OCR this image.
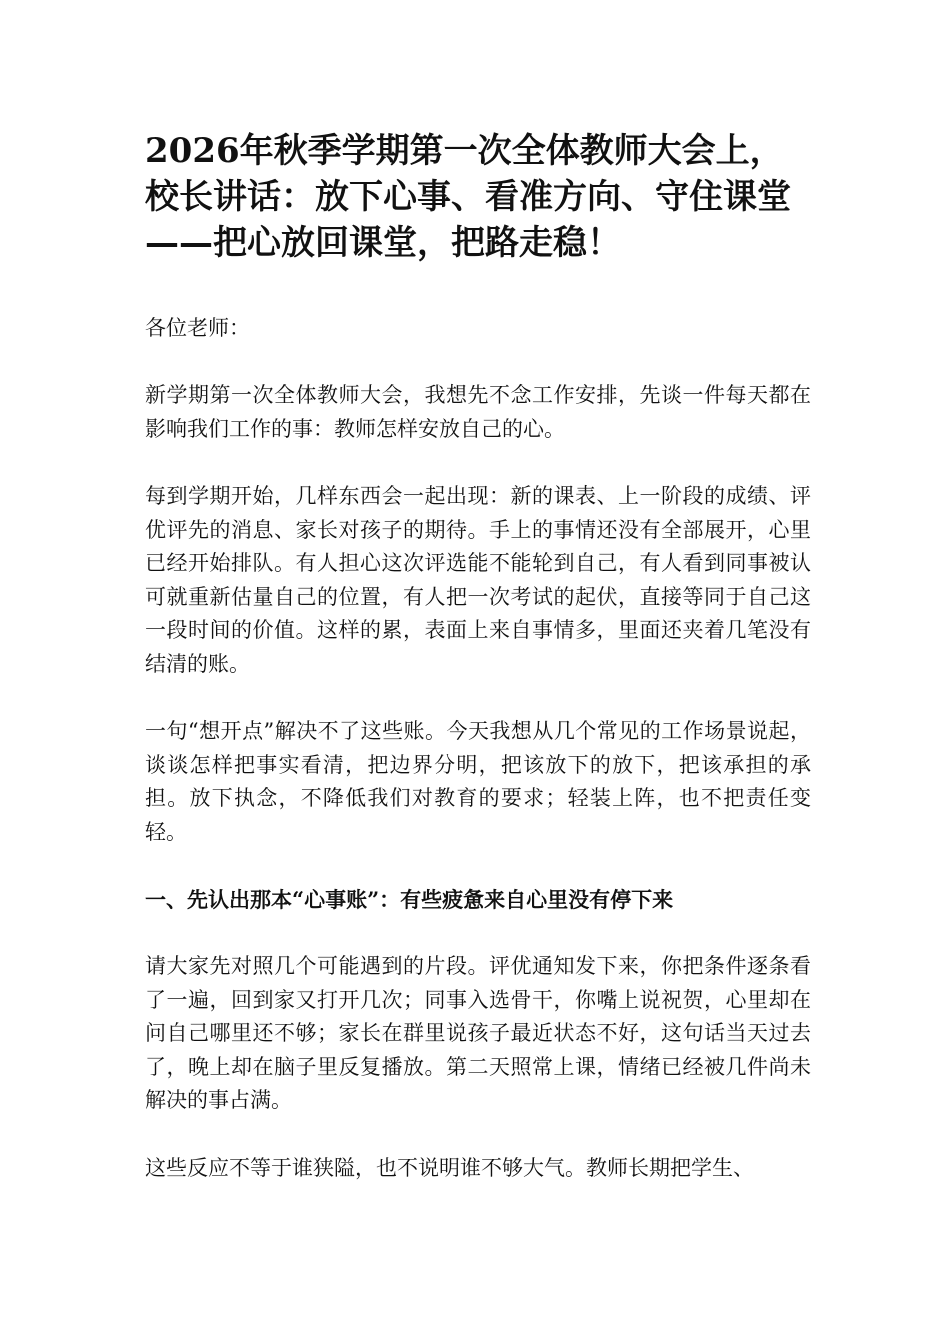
2026年秋季学期第一次全体教师大会上，校长讲话：放下心事、看准方向、守住课堂——把心放回课堂，把路走稳！

各位老师：

新学期第一次全体教师大会，我想先不念工作安排，先谈一件每天都在影响我们工作的事：教师怎样安放自己的心。

每到学期开始，几样东西会一起出现：新的课表、上一阶段的成绩、评优评先的消息、家长对孩子的期待。手上的事情还没有全部展开，心里已经开始排队。有人担心这次评选能不能轮到自己，有人看到同事被认可就重新估量自己的位置，有人把一次考试的起伏，直接等同于自己这一段时间的价值。这样的累，表面上来自事情多，里面还夹着几笔没有结清的账。

一句“想开点”解决不了这些账。今天我想从几个常见的工作场景说起，谈谈怎样把事实看清，把边界分明，把该放下的放下，把该承担的承担。放下执念，不降低我们对教育的要求；轻装上阵，也不把责任变轻。

一、先认出那本“心事账”：有些疲惫来自心里没有停下来

请大家先对照几个可能遇到的片段。评优通知发下来，你把条件逐条看了一遍，回到家又打开几次；同事入选骨干，你嘴上说祝贺，心里却在问自己哪里还不够；家长在群里说孩子最近状态不好，这句话当天过去了，晚上却在脑子里反复播放。第二天照常上课，情绪已经被几件尚未解决的事占满。

这些反应不等于谁狭隘，也不说明谁不够大气。教师长期把学生、
